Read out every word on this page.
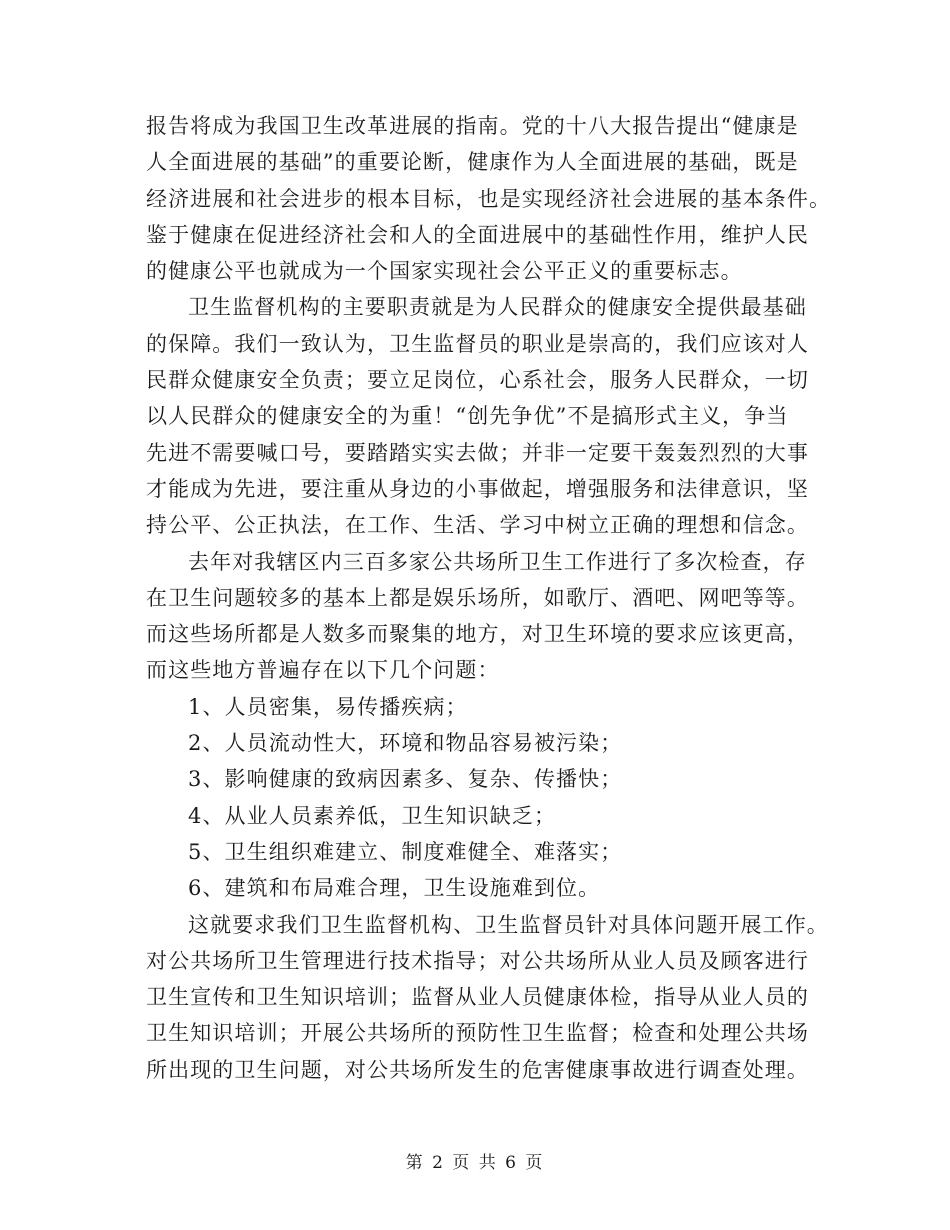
报告将成为我国卫生改革进展的指南。党的十八大报告提出“健康是
人全面进展的基础”的重要论断，健康作为人全面进展的基础，既是
经济进展和社会进步的根本目标，也是实现经济社会进展的基本条件。
鉴于健康在促进经济社会和人的全面进展中的基础性作用，维护人民
的健康公平也就成为一个国家实现社会公平正义的重要标志。
卫生监督机构的主要职责就是为人民群众的健康安全提供最基础
的保障。我们一致认为，卫生监督员的职业是崇高的，我们应该对人
民群众健康安全负责；要立足岗位，心系社会，服务人民群众，一切
以人民群众的健康安全的为重！“创先争优”不是搞形式主义，争当
先进不需要喊口号，要踏踏实实去做；并非一定要干轰轰烈烈的大事
才能成为先进，要注重从身边的小事做起，增强服务和法律意识，坚
持公平、公正执法，在工作、生活、学习中树立正确的理想和信念。
去年对我辖区内三百多家公共场所卫生工作进行了多次检查，存
在卫生问题较多的基本上都是娱乐场所，如歌厅、酒吧、网吧等等。
而这些场所都是人数多而聚集的地方，对卫生环境的要求应该更高，
而这些地方普遍存在以下几个问题：
1、人员密集，易传播疾病；
2、人员流动性大，环境和物品容易被污染；
3、影响健康的致病因素多、复杂、传播快；
4、从业人员素养低，卫生知识缺乏；
5、卫生组织难建立、制度难健全、难落实；
6、建筑和布局难合理，卫生设施难到位。
这就要求我们卫生监督机构、卫生监督员针对具体问题开展工作。
对公共场所卫生管理进行技术指导；对公共场所从业人员及顾客进行
卫生宣传和卫生知识培训；监督从业人员健康体检，指导从业人员的
卫生知识培训；开展公共场所的预防性卫生监督；检查和处理公共场
所出现的卫生问题，对公共场所发生的危害健康事故进行调查处理。
第 2 页 共 6 页
